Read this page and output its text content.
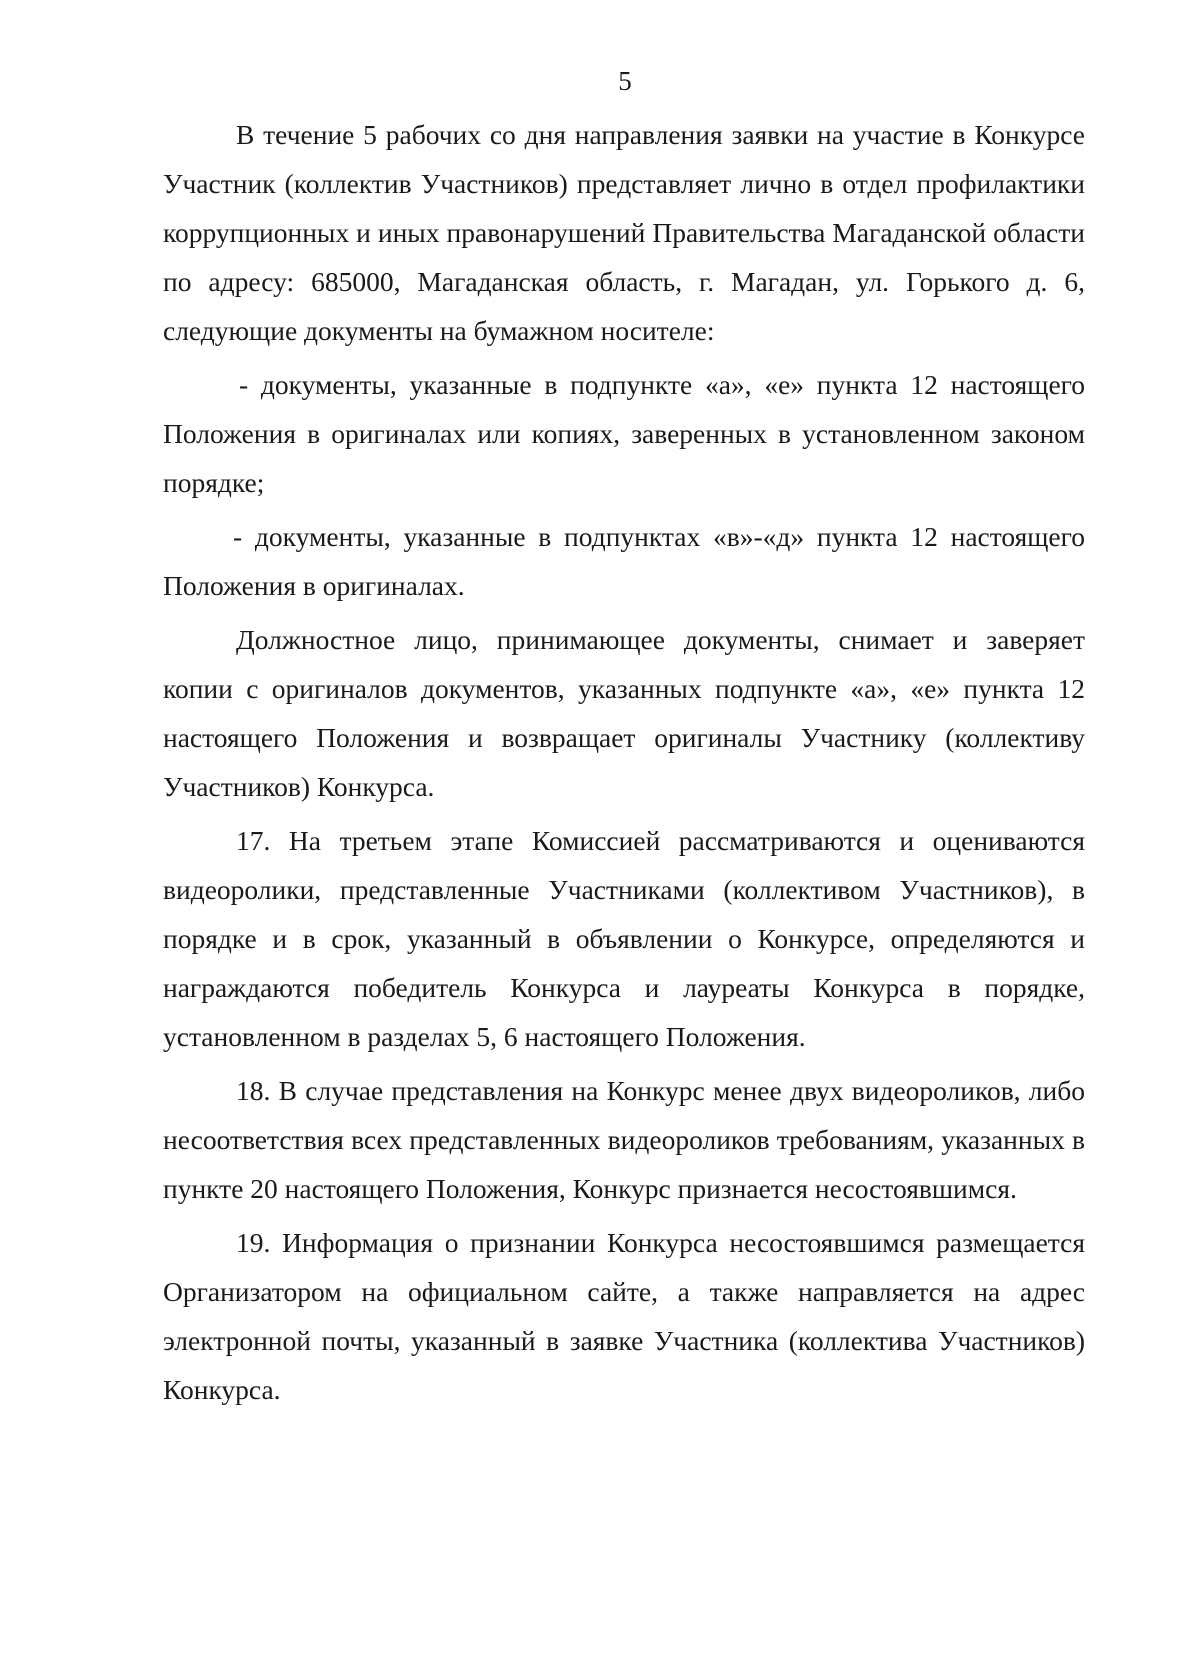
5

В течение 5 рабочих со дня направления заявки на участие в Конкурсе Участник (коллектив Участников) представляет лично в отдел профилактики коррупционных и иных правонарушений Правительства Магаданской области по адресу: 685000, Магаданская область, г. Магадан, ул. Горького д. 6, следующие документы на бумажном носителе:

- документы, указанные в подпункте «а», «е» пункта 12 настоящего Положения в оригиналах или копиях, заверенных в установленном законом порядке;

- документы, указанные в подпунктах «в»-«д» пункта 12 настоящего Положения в оригиналах.

Должностное лицо, принимающее документы, снимает и заверяет копии с оригиналов документов, указанных подпункте «а», «е» пункта 12 настоящего Положения и возвращает оригиналы Участнику (коллективу Участников) Конкурса.

17. На третьем этапе Комиссией рассматриваются и оцениваются видеоролики, представленные Участниками (коллективом Участников), в порядке и в срок, указанный в объявлении о Конкурсе, определяются и награждаются победитель Конкурса и лауреаты Конкурса в порядке, установленном в разделах 5, 6 настоящего Положения.

18. В случае представления на Конкурс менее двух видеороликов, либо несоответствия всех представленных видеороликов требованиям, указанных в пункте 20 настоящего Положения, Конкурс признается несостоявшимся.

19. Информация о признании Конкурса несостоявшимся размещается Организатором на официальном сайте, а также направляется на адрес электронной почты, указанный в заявке Участника (коллектива Участников) Конкурса.
